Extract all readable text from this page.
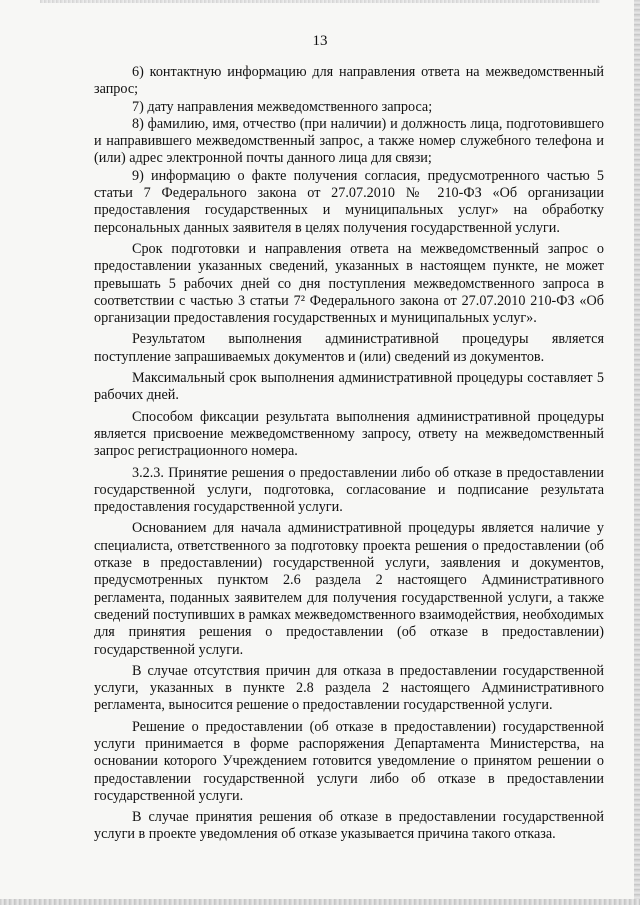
13

6) контактную информацию для направления ответа на межведомственный запрос;

7) дату направления межведомственного запроса;

8) фамилию, имя, отчество (при наличии) и должность лица, подготовившего и направившего межведомственный запрос, а также номер служебного телефона и (или) адрес электронной почты данного лица для связи;

9) информацию о факте получения согласия, предусмотренного частью 5 статьи 7 Федерального закона от 27.07.2010 № 210-ФЗ «Об организации предоставления государственных и муниципальных услуг» на обработку персональных данных заявителя в целях получения государственной услуги.

Срок подготовки и направления ответа на межведомственный запрос о предоставлении указанных сведений, указанных в настоящем пункте, не может превышать 5 рабочих дней со дня поступления межведомственного запроса в соответствии с частью 3 статьи 7² Федерального закона от 27.07.2010 210-ФЗ «Об организации предоставления государственных и муниципальных услуг».

Результатом выполнения административной процедуры является поступление запрашиваемых документов и (или) сведений из документов.

Максимальный срок выполнения административной процедуры составляет 5 рабочих дней.

Способом фиксации результата выполнения административной процедуры является присвоение межведомственному запросу, ответу на межведомственный запрос регистрационного номера.

3.2.3. Принятие решения о предоставлении либо об отказе в предоставлении государственной услуги, подготовка, согласование и подписание результата предоставления государственной услуги.

Основанием для начала административной процедуры является наличие у специалиста, ответственного за подготовку проекта решения о предоставлении (об отказе в предоставлении) государственной услуги, заявления и документов, предусмотренных пунктом 2.6 раздела 2 настоящего Административного регламента, поданных заявителем для получения государственной услуги, а также сведений поступивших в рамках межведомственного взаимодействия, необходимых для принятия решения о предоставлении (об отказе в предоставлении) государственной услуги.

В случае отсутствия причин для отказа в предоставлении государственной услуги, указанных в пункте 2.8 раздела 2 настоящего Административного регламента, выносится решение о предоставлении государственной услуги.

Решение о предоставлении (об отказе в предоставлении) государственной услуги принимается в форме распоряжения Департамента Министерства, на основании которого Учреждением готовится уведомление о принятом решении о предоставлении государственной услуги либо об отказе в предоставлении государственной услуги.

В случае принятия решения об отказе в предоставлении государственной услуги в проекте уведомления об отказе указывается причина такого отказа.
